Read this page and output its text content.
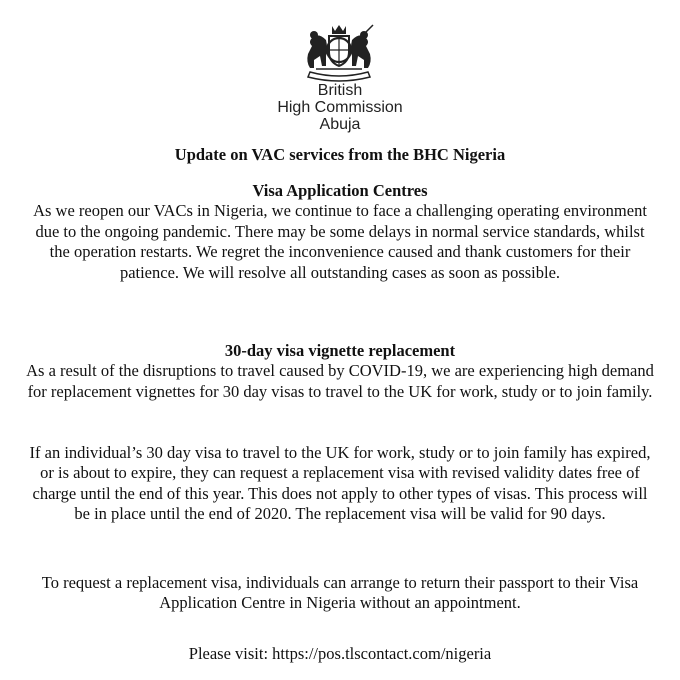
British
High Commission
Abuja
Update on VAC services from the BHC Nigeria
Visa Application Centres

As we reopen our VACs in Nigeria, we continue to face a challenging operating environment due to the ongoing pandemic. There may be some delays in normal service standards, whilst the operation restarts. We regret the inconvenience caused and thank customers for their patience. We will resolve all outstanding cases as soon as possible.

30-day visa vignette replacement

As a result of the disruptions to travel caused by COVID-19, we are experiencing high demand for replacement vignettes for 30 day visas to travel to the UK for work, study or to join family.

If an individual’s 30 day visa to travel to the UK for work, study or to join family has expired, or is about to expire, they can request a replacement visa with revised validity dates free of charge until the end of this year. This does not apply to other types of visas. This process will be in place until the end of 2020. The replacement visa will be valid for 90 days.

To request a replacement visa, individuals can arrange to return their passport to their Visa Application Centre in Nigeria without an appointment.

Please visit: https://pos.tlscontact.com/nigeria
